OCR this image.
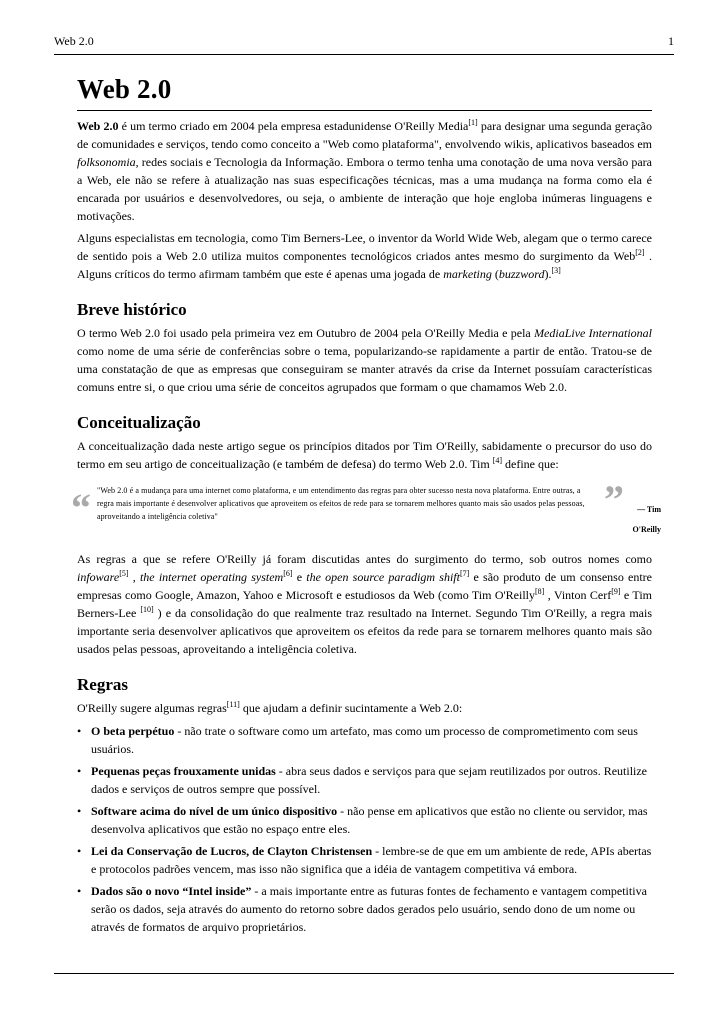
Web 2.0	1
Web 2.0

Web 2.0 é um termo criado em 2004 pela empresa estadunidense O'Reilly Media[1] para designar uma segunda geração de comunidades e serviços, tendo como conceito a "Web como plataforma", envolvendo wikis, aplicativos baseados em folksonomia, redes sociais e Tecnologia da Informação. Embora o termo tenha uma conotação de uma nova versão para a Web, ele não se refere à atualização nas suas especificações técnicas, mas a uma mudança na forma como ela é encarada por usuários e desenvolvedores, ou seja, o ambiente de interação que hoje engloba inúmeras linguagens e motivações.

Alguns especialistas em tecnologia, como Tim Berners-Lee, o inventor da World Wide Web, alegam que o termo carece de sentido pois a Web 2.0 utiliza muitos componentes tecnológicos criados antes mesmo do surgimento da Web[2] . Alguns críticos do termo afirmam também que este é apenas uma jogada de marketing (buzzword).[3]

Breve histórico

O termo Web 2.0 foi usado pela primeira vez em Outubro de 2004 pela O'Reilly Media e pela MediaLive International como nome de uma série de conferências sobre o tema, popularizando-se rapidamente a partir de então. Tratou-se de uma constatação de que as empresas que conseguiram se manter através da crise da Internet possuíam características comuns entre si, o que criou uma série de conceitos agrupados que formam o que chamamos Web 2.0.

Conceitualização

A conceitualização dada neste artigo segue os princípios ditados por Tim O'Reilly, sabidamente o precursor do uso do termo em seu artigo de conceitualização (e também de defesa) do termo Web 2.0. Tim [4] define que:

“ "Web 2.0 é a mudança para uma internet como plataforma, e um entendimento das regras para obter sucesso nesta nova plataforma. Entre outras, a regra mais importante é desenvolver aplicativos que aproveitem os efeitos de rede para se tornarem melhores quanto mais são usados pelas pessoas, aproveitando a inteligência coletiva"	”	— Tim O'Reilly

As regras a que se refere O'Reilly já foram discutidas antes do surgimento do termo, sob outros nomes como infoware[5] , the internet operating system[6] e the open source paradigm shift[7] e são produto de um consenso entre empresas como Google, Amazon, Yahoo e Microsoft e estudiosos da Web (como Tim O'Reilly[8] , Vinton Cerf[9] e Tim Berners-Lee [10] ) e da consolidação do que realmente traz resultado na Internet. Segundo Tim O'Reilly, a regra mais importante seria desenvolver aplicativos que aproveitem os efeitos da rede para se tornarem melhores quanto mais são usados pelas pessoas, aproveitando a inteligência coletiva.

Regras

O'Reilly sugere algumas regras[11] que ajudam a definir sucintamente a Web 2.0:

• O beta perpétuo - não trate o software como um artefato, mas como um processo de comprometimento com seus usuários.
• Pequenas peças frouxamente unidas - abra seus dados e serviços para que sejam reutilizados por outros. Reutilize dados e serviços de outros sempre que possível.
• Software acima do nível de um único dispositivo - não pense em aplicativos que estão no cliente ou servidor, mas desenvolva aplicativos que estão no espaço entre eles.
• Lei da Conservação de Lucros, de Clayton Christensen - lembre-se de que em um ambiente de rede, APIs abertas e protocolos padrões vencem, mas isso não significa que a idéia de vantagem competitiva vá embora.
• Dados são o novo “Intel inside” - a mais importante entre as futuras fontes de fechamento e vantagem competitiva serão os dados, seja através do aumento do retorno sobre dados gerados pelo usuário, sendo dono de um nome ou através de formatos de arquivo proprietários.
